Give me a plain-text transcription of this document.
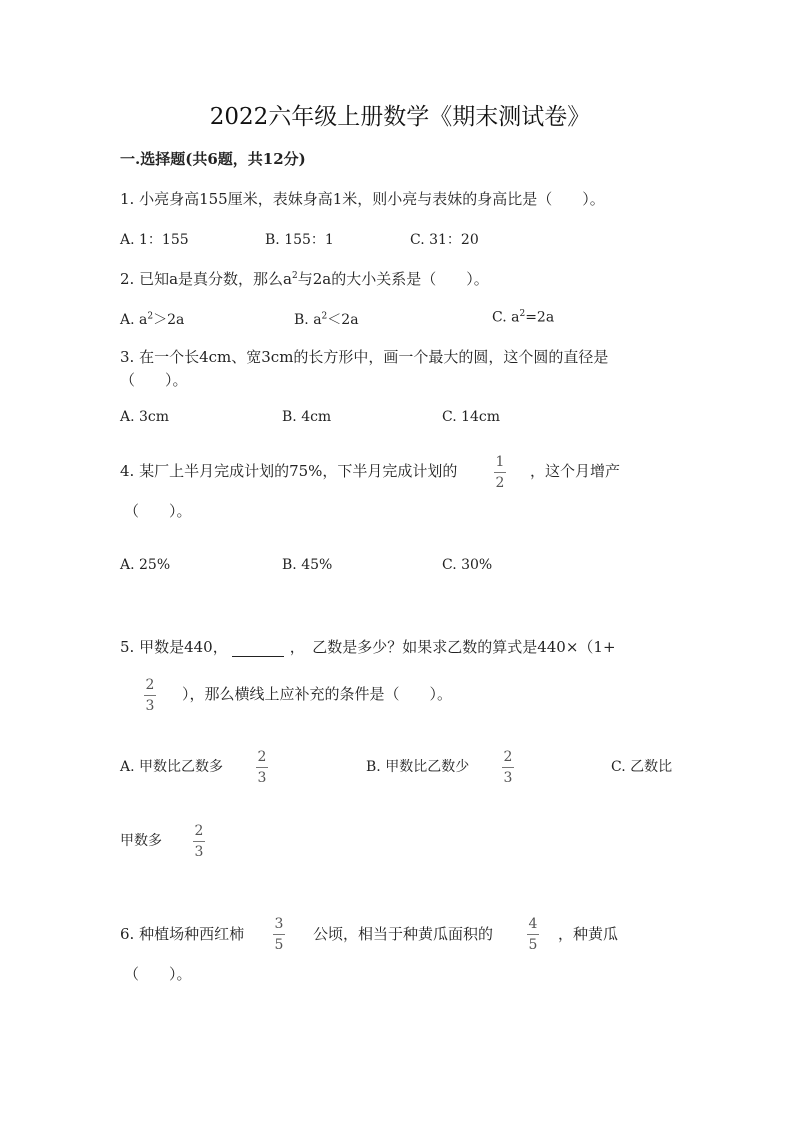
2022六年级上册数学《期末测试卷》
一.选择题(共6题，共12分)
1. 小亮身高155厘米，表妹身高1米，则小亮与表妹的身高比是（　　）。
A. 1：155	B. 155：1	C. 31：20
2. 已知a是真分数，那么$a^2$与2a的大小关系是（　　）。
A. $a^2>2a$	B. $a^2<2a$	C. $a^2=2a$
3. 在一个长4cm、宽3cm的长方形中，画一个最大的圆，这个圆的直径是
（　　）。
A. 3cm	B. 4cm	C. 14cm
4. 某厂上半月完成计划的75%，下半月完成计划的	1
2
，这个月增产
（　　）。
A. 25%	B. 45%	C. 30%
5. 甲数是440，	，　乙数是多少？如果求乙数的算式是440×（1+
2
3
），那么横线上应补充的条件是（　　）。
A. 甲数比乙数多
2
3
B. 甲数比乙数少
2
3
C. 乙数比
甲数多
2
3
6. 种植场种西红柿
3
5
公顷，相当于种黄瓜面积的
4
5
，种黄瓜
（　　）。
